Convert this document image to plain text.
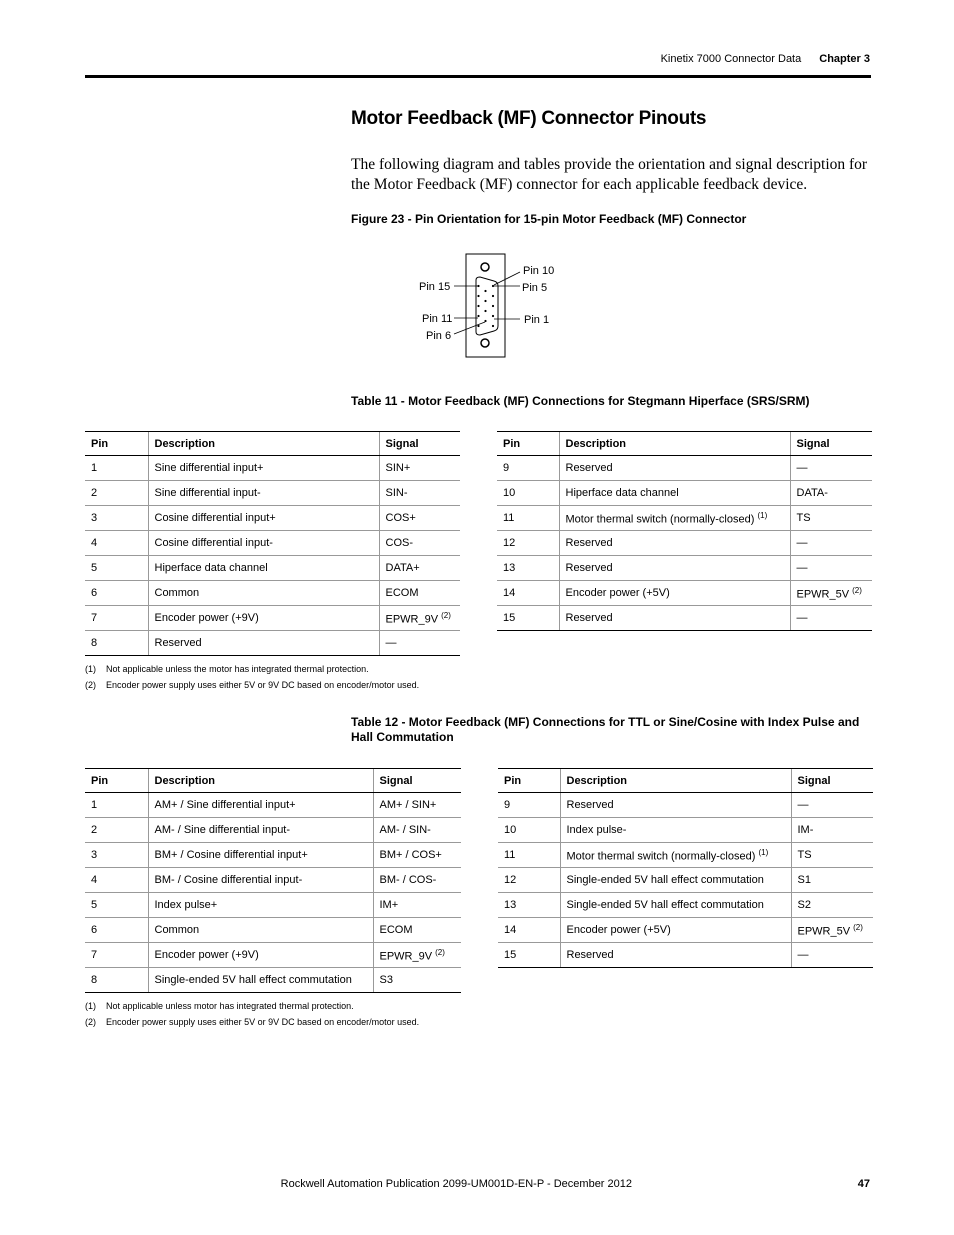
Kinetix 7000 Connector Data Chapter 3
Motor Feedback (MF) Connector Pinouts

The following diagram and tables provide the orientation and signal description for the Motor Feedback (MF) connector for each applicable feedback device.

Figure 23 - Pin Orientation for 15-pin Motor Feedback (MF) Connector
Pin 15
Pin 11
Pin 6
Pin 10
Pin 5
Pin 1
Table 11 - Motor Feedback (MF) Connections for Stegmann Hiperface (SRS/SRM)
Pin	Description	Signal
1	Sine differential input+	SIN+
2	Sine differential input-	SIN-
3	Cosine differential input+	COS+
4	Cosine differential input-	COS-
5	Hiperface data channel	DATA+
6	Common	ECOM
7	Encoder power (+9V)	EPWR_9V $^{(2)}$
8	Reserved	—
Pin	Description	Signal
9	Reserved	—
10	Hiperface data channel	DATA-
11	Motor thermal switch (normally-closed) $^{(1)}$	TS
12	Reserved	—
13	Reserved	—
14	Encoder power (+5V)	EPWR_5V $^{(2)}$
15	Reserved	—
(1) Not applicable unless the motor has integrated thermal protection.
(2) Encoder power supply uses either 5V or 9V DC based on encoder/motor used.
Table 12 - Motor Feedback (MF) Connections for TTL or Sine/Cosine with Index Pulse and Hall Commutation
Pin	Description	Signal
1	AM+ / Sine differential input+	AM+ / SIN+
2	AM- / Sine differential input-	AM- / SIN-
3	BM+ / Cosine differential input+	BM+ / COS+
4	BM- / Cosine differential input-	BM- / COS-
5	Index pulse+	IM+
6	Common	ECOM
7	Encoder power (+9V)	EPWR_9V $^{(2)}$
8	Single-ended 5V hall effect commutation	S3
Pin	Description	Signal
9	Reserved	—
10	Index pulse-	IM-
11	Motor thermal switch (normally-closed) $^{(1)}$	TS
12	Single-ended 5V hall effect commutation	S1
13	Single-ended 5V hall effect commutation	S2
14	Encoder power (+5V)	EPWR_5V $^{(2)}$
15	Reserved	—
(1) Not applicable unless motor has integrated thermal protection.
(2) Encoder power supply uses either 5V or 9V DC based on encoder/motor used.
Rockwell Automation Publication 2099-UM001D-EN-P - December 2012	47
